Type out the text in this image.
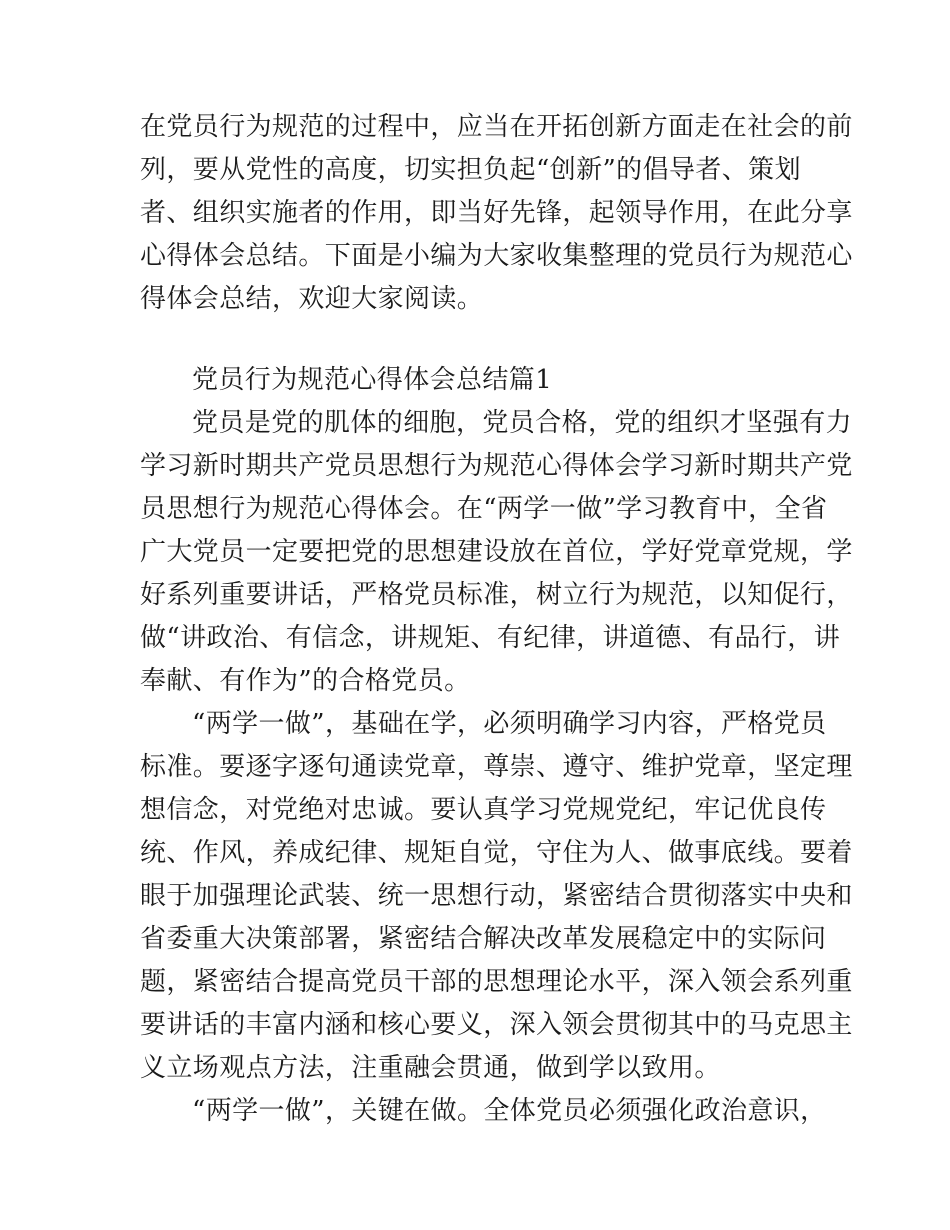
在党员行为规范的过程中，应当在开拓创新方面走在社会的前
列，要从党性的高度，切实担负起“创新”的倡导者、策划
者、组织实施者的作用，即当好先锋，起领导作用，在此分享
心得体会总结。下面是小编为大家收集整理的党员行为规范心
得体会总结，欢迎大家阅读。
党员行为规范心得体会总结篇1
党员是党的肌体的细胞，党员合格，党的组织才坚强有力
学习新时期共产党员思想行为规范心得体会学习新时期共产党
员思想行为规范心得体会。在“两学一做”学习教育中，全省
广大党员一定要把党的思想建设放在首位，学好党章党规，学
好系列重要讲话，严格党员标准，树立行为规范，以知促行，
做“讲政治、有信念，讲规矩、有纪律，讲道德、有品行，讲
奉献、有作为”的合格党员。
“两学一做”，基础在学，必须明确学习内容，严格党员
标准。要逐字逐句通读党章，尊崇、遵守、维护党章，坚定理
想信念，对党绝对忠诚。要认真学习党规党纪，牢记优良传
统、作风，养成纪律、规矩自觉，守住为人、做事底线。要着
眼于加强理论武装、统一思想行动，紧密结合贯彻落实中央和
省委重大决策部署，紧密结合解决改革发展稳定中的实际问
题，紧密结合提高党员干部的思想理论水平，深入领会系列重
要讲话的丰富内涵和核心要义，深入领会贯彻其中的马克思主
义立场观点方法，注重融会贯通，做到学以致用。
“两学一做”，关键在做。全体党员必须强化政治意识，
